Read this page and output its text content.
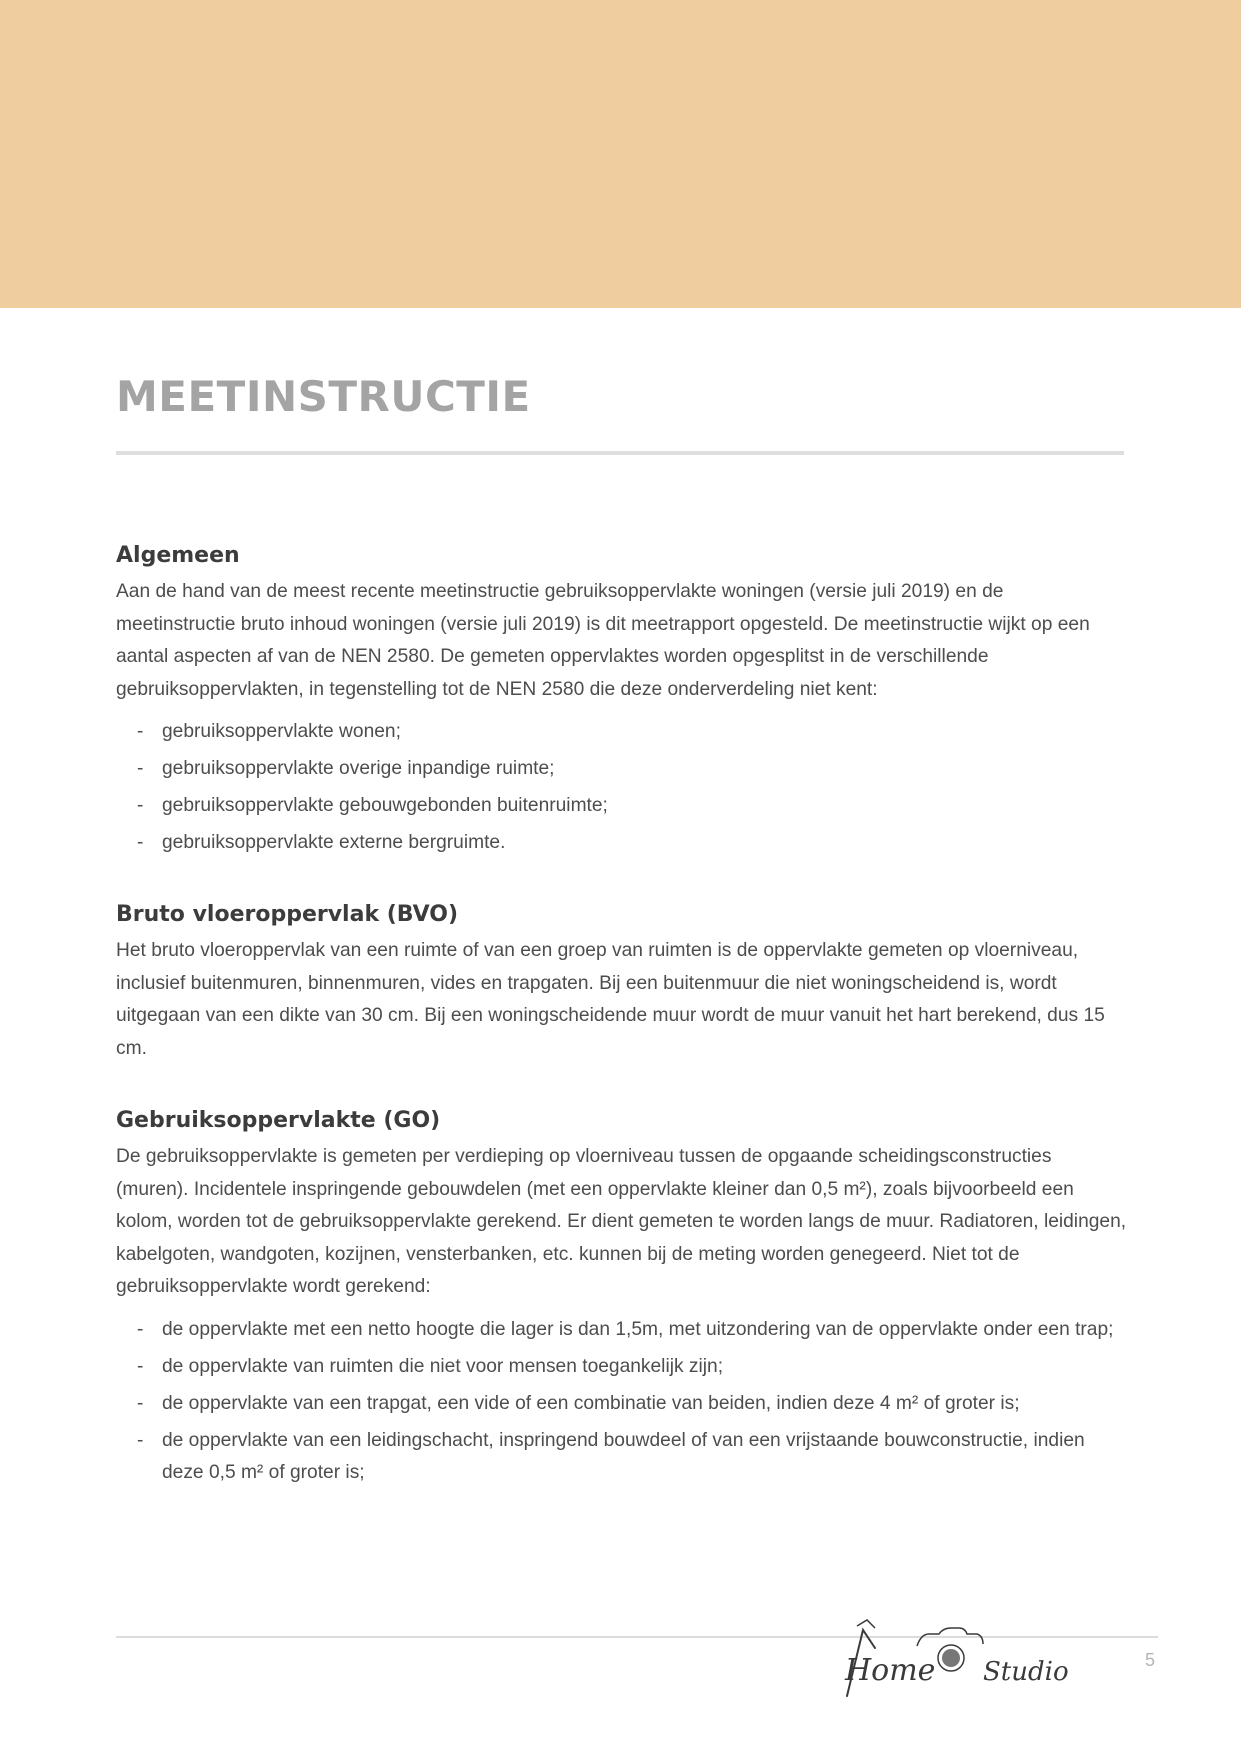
MEETINSTRUCTIE
Algemeen

Aan de hand van de meest recente meetinstructie gebruiksoppervlakte woningen (versie juli 2019) en de meetinstructie bruto inhoud woningen (versie juli 2019) is dit meetrapport opgesteld. De meetinstructie wijkt op een aantal aspecten af van de NEN 2580. De gemeten oppervlaktes worden opgesplitst in de verschillende gebruiksoppervlakten, in tegenstelling tot de NEN 2580 die deze onderverdeling niet kent:

- gebruiksoppervlakte wonen;
- gebruiksoppervlakte overige inpandige ruimte;
- gebruiksoppervlakte gebouwgebonden buitenruimte;
- gebruiksoppervlakte externe bergruimte.
Bruto vloeroppervlak (BVO)

Het bruto vloeroppervlak van een ruimte of van een groep van ruimten is de oppervlakte gemeten op vloerniveau, inclusief buitenmuren, binnenmuren, vides en trapgaten. Bij een buitenmuur die niet woningscheidend is, wordt uitgegaan van een dikte van 30 cm. Bij een woningscheidende muur wordt de muur vanuit het hart berekend, dus 15 cm.

Gebruiksoppervlakte (GO)

De gebruiksoppervlakte is gemeten per verdieping op vloerniveau tussen de opgaande scheidingsconstructies (muren). Incidentele inspringende gebouwdelen (met een oppervlakte kleiner dan 0,5 m²), zoals bijvoorbeeld een kolom, worden tot de gebruiksoppervlakte gerekend. Er dient gemeten te worden langs de muur. Radiatoren, leidingen, kabelgoten, wandgoten, kozijnen, vensterbanken, etc. kunnen bij de meting worden genegeerd. Niet tot de gebruiksoppervlakte wordt gerekend:

- de oppervlakte met een netto hoogte die lager is dan 1,5m, met uitzondering van de oppervlakte onder een trap;
- de oppervlakte van ruimten die niet voor mensen toegankelijk zijn;
- de oppervlakte van een trapgat, een vide of een combinatie van beiden, indien deze 4 m² of groter is;
- de oppervlakte van een leidingschacht, inspringend bouwdeel of van een vrijstaande bouwconstructie, indien deze 0,5 m² of groter is;
Home Studio	5
